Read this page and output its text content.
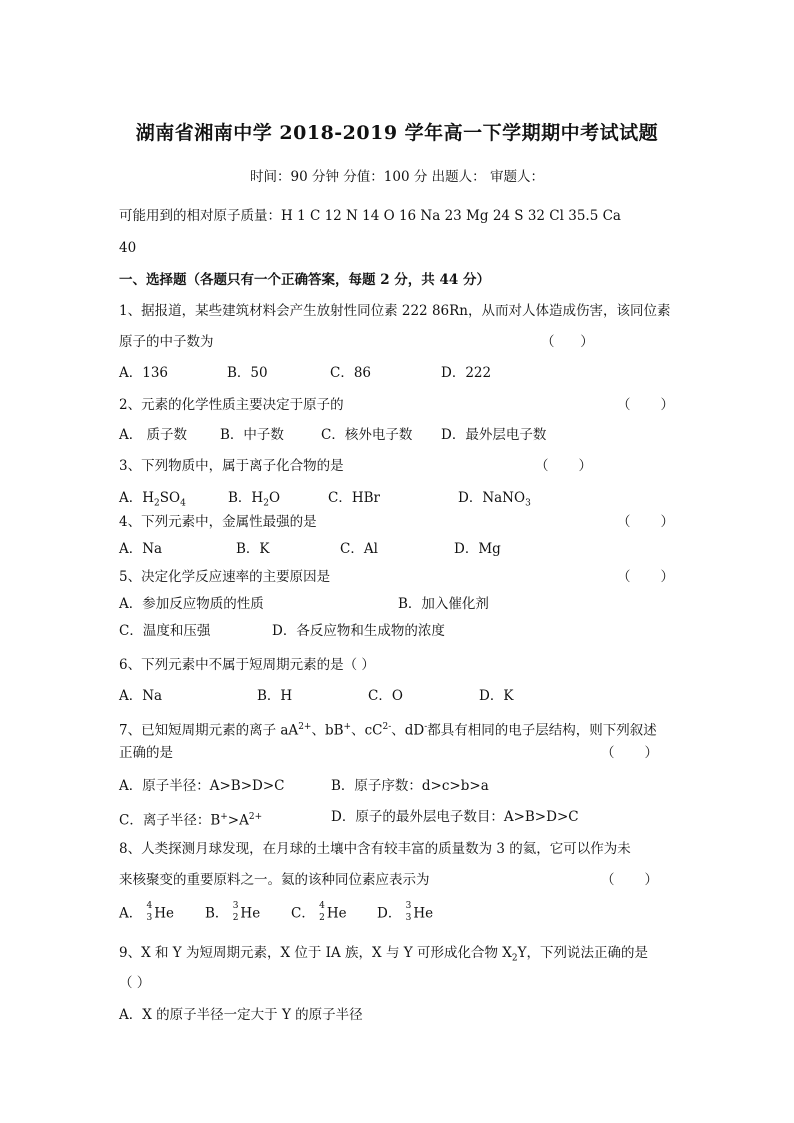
湖南省湘南中学 2018-2019 学年高一下学期期中考试试题
时间：90 分钟 分值：100 分 出题人： 审题人：
可能用到的相对原子质量：H 1 C 12 N 14 O 16 Na 23 Mg 24 S 32 Cl 35.5 Ca
40
一、选择题（各题只有一个正确答案，每题 2 分，共 44 分）
1、据报道，某些建筑材料会产生放射性同位素 222 86Rn，从而对人体造成伤害，该同位素
原子的中子数为	（      ）
A．136	B．50	C．86	D．222
2、元素的化学性质主要决定于原子的	（       ）
A． 质子数 B．中子数	C．核外电子数 D．最外层电子数
3、下列物质中，属于离子化合物的是	（       ）
A．$H_2SO_4$	B．$H_2O$	C．HBr	D．NaNO$_3$
4、下列元素中，金属性最强的是	（       ）
A．Na	B．K	C．Al	D．Mg
5、决定化学反应速率的主要原因是	（       ）
A．参加反应物质的性质	B．加入催化剂
C．温度和压强	D．各反应物和生成物的浓度
6、下列元素中不属于短周期元素的是（ ）
A．Na	B．H	C．O	D．K
7、已知短周期元素的离子 $aA^{2+}$、bB+、$cC^{2-}$、dD-都具有相同的电子层结构，则下列叙述
正确的是	（       ）
A．原子半径：A>B>D>C	B．原子序数：d>c>b>a
C．离子半径：$B^+>A^{2+}$	D．原子的最外层电子数目：A>B>D>C
8、人类探测月球发现，在月球的土壤中含有较丰富的质量数为 3 的氦，它可以作为未
来核聚变的重要原料之一。氦的该种同位素应表示为	（       ）
A． 4
3 He B． 3
2 He C． 4
2 He D． 3
3 He
9、X 和 Y 为短周期元素，X 位于 IA 族，X 与 Y 可形成化合物 $X_2Y$，下列说法正确的是
（ ）
A．X 的原子半径一定大于 Y 的原子半径
